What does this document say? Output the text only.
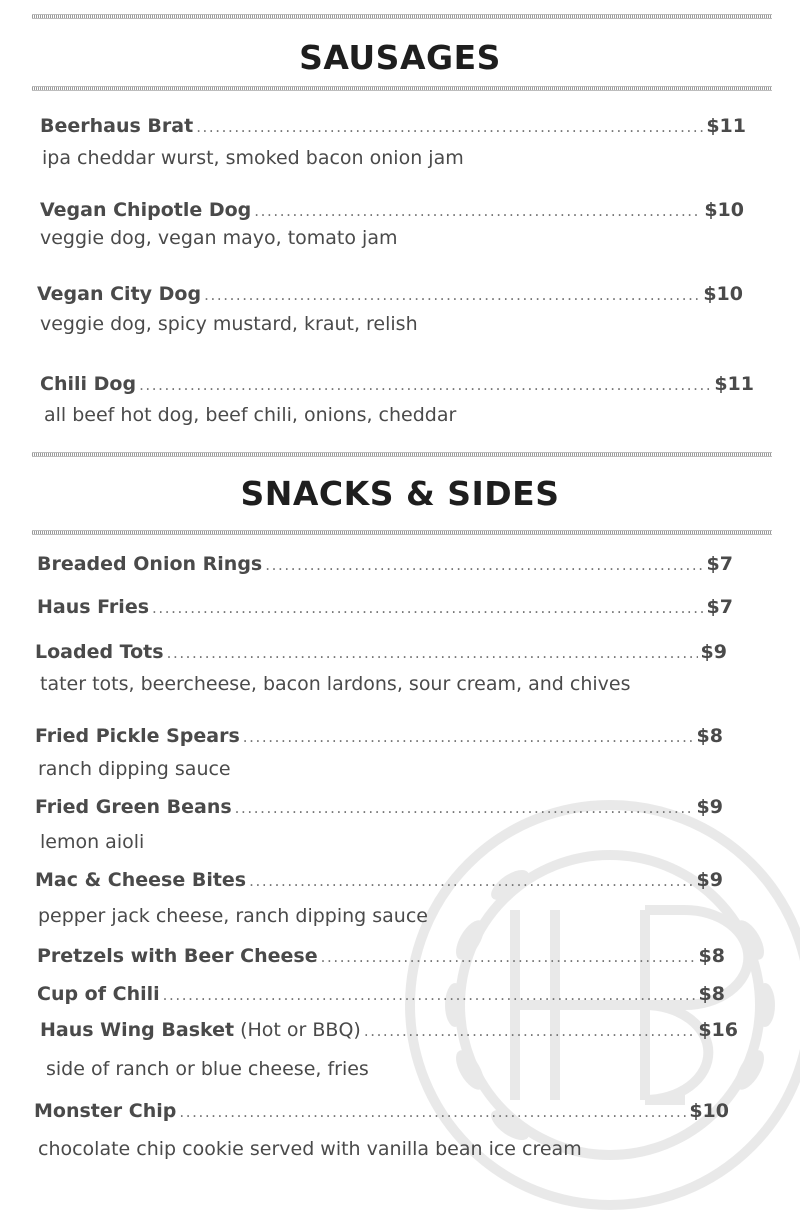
SAUSAGES
Beerhaus Brat .....	$11
ipa cheddar wurst, smoked bacon onion jam
Vegan Chipotle Dog .....	$10
veggie dog, vegan mayo, tomato jam
Vegan City Dog .....	$10
veggie dog, spicy mustard, kraut, relish
Chili Dog .....	$11
all beef hot dog, beef chili, onions, cheddar
SNACKS & SIDES
Breaded Onion Rings .....	$7
Haus Fries .....	$7
Loaded Tots .....	$9
tater tots, beercheese, bacon lardons, sour cream, and chives
Fried Pickle Spears .....	$8
ranch dipping sauce
Fried Green Beans .....	$9
lemon aioli
Mac & Cheese Bites .....	$9
pepper jack cheese, ranch dipping sauce
Pretzels with Beer Cheese .....	$8
Cup of Chili .....	$8
Haus Wing Basket (Hot or BBQ) .....	$16
side of ranch or blue cheese, fries
Monster Chip .....	$10
chocolate chip cookie served with vanilla bean ice cream
